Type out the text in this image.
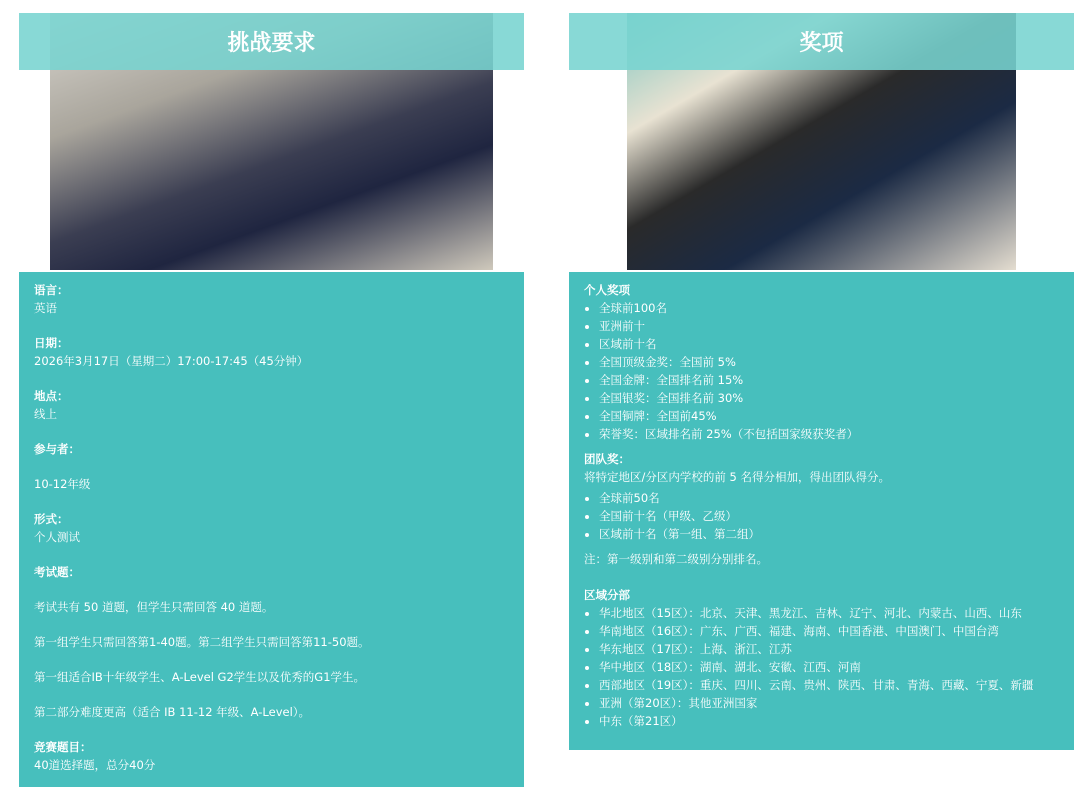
挑战要求
语言：
英语
日期：
2026年3月17日（星期二）17:00-17:45（45分钟）
地点：
线上
参与者：
10-12年级
形式：
个人测试
考试题：
考试共有 50 道题，但学生只需回答 40 道题。
第一组学生只需回答第1-40题。第二组学生只需回答第11-50题。
第一组适合IB十年级学生、A-Level G2学生以及优秀的G1学生。
第二部分难度更高（适合 IB 11-12 年级、A-Level）。
竞赛题目：
40道选择题，总分40分
奖项
个人奖项
• 全球前100名
• 亚洲前十
• 区域前十名
• 全国顶级金奖：全国前 5%
• 全国金牌：全国排名前 15%
• 全国银奖：全国排名前 30%
• 全国铜牌：全国前45%
• 荣誉奖：区域排名前 25%（不包括国家级获奖者）
团队奖：
将特定地区/分区内学校的前 5 名得分相加，得出团队得分。
• 全球前50名
• 全国前十名（甲级、乙级）
• 区域前十名（第一组、第二组）
注：第一级别和第二级别分别排名。
区域分部
• 华北地区（15区）：北京、天津、黑龙江、吉林、辽宁、河北、内蒙古、山西、山东
• 华南地区（16区）：广东、广西、福建、海南、中国香港、中国澳门、中国台湾
• 华东地区（17区）：上海、浙江、江苏
• 华中地区（18区）：湖南、湖北、安徽、江西、河南
• 西部地区（19区）：重庆、四川、云南、贵州、陕西、甘肃、青海、西藏、宁夏、新疆
• 亚洲（第20区）：其他亚洲国家
• 中东（第21区）
